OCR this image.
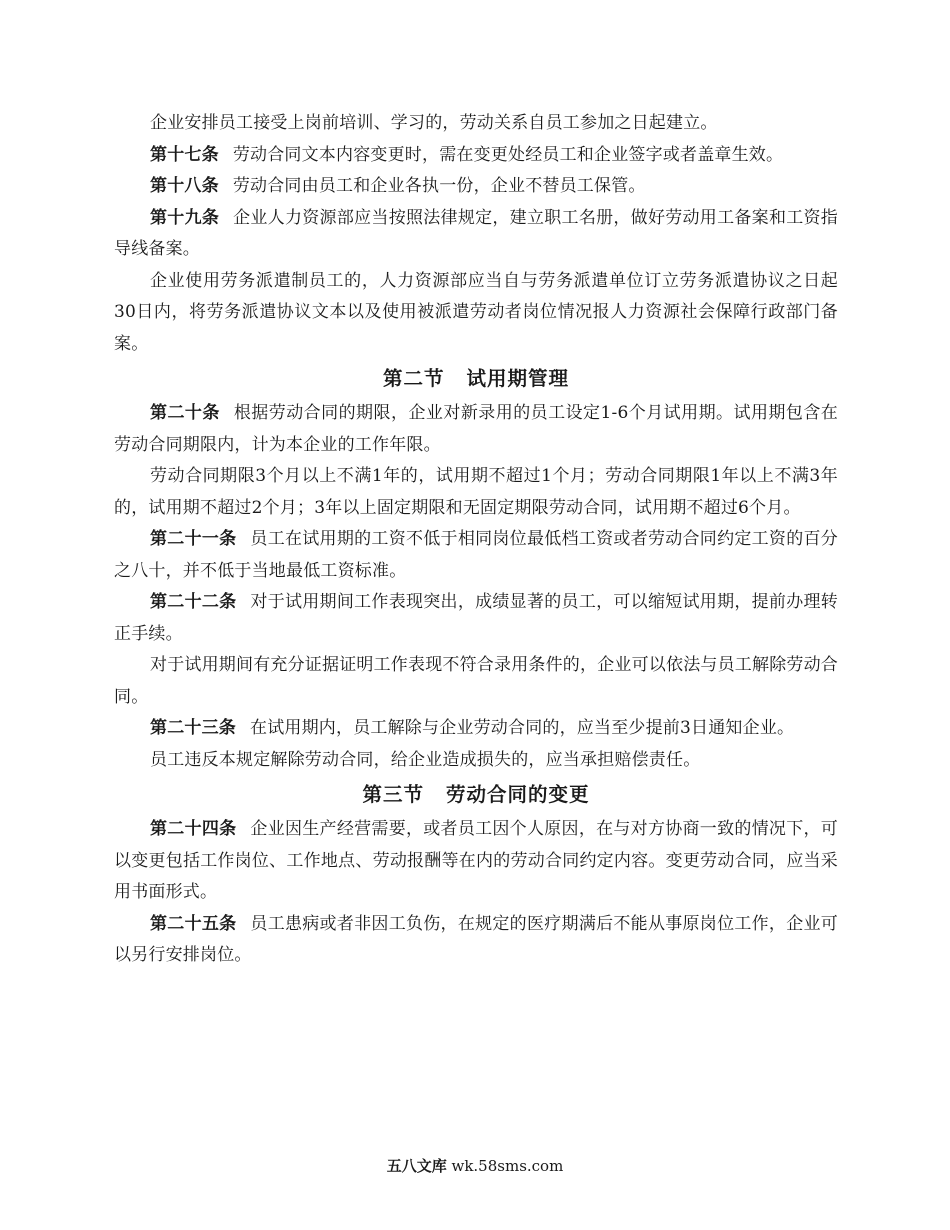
企业安排员工接受上岗前培训、学习的，劳动关系自员工参加之日起建立。

第十七条 劳动合同文本内容变更时，需在变更处经员工和企业签字或者盖章生效。

第十八条 劳动合同由员工和企业各执一份，企业不替员工保管。

第十九条 企业人力资源部应当按照法律规定，建立职工名册，做好劳动用工备案和工资指导线备案。

企业使用劳务派遣制员工的，人力资源部应当自与劳务派遣单位订立劳务派遣协议之日起30日内，将劳务派遣协议文本以及使用被派遣劳动者岗位情况报人力资源社会保障行政部门备案。

第二节 试用期管理

第二十条 根据劳动合同的期限，企业对新录用的员工设定1-6个月试用期。试用期包含在劳动合同期限内，计为本企业的工作年限。

劳动合同期限3个月以上不满1年的，试用期不超过1个月；劳动合同期限1年以上不满3年的，试用期不超过2个月；3年以上固定期限和无固定期限劳动合同，试用期不超过6个月。

第二十一条 员工在试用期的工资不低于相同岗位最低档工资或者劳动合同约定工资的百分之八十，并不低于当地最低工资标准。

第二十二条 对于试用期间工作表现突出，成绩显著的员工，可以缩短试用期，提前办理转正手续。

对于试用期间有充分证据证明工作表现不符合录用条件的，企业可以依法与员工解除劳动合同。

第二十三条 在试用期内，员工解除与企业劳动合同的，应当至少提前3日通知企业。

员工违反本规定解除劳动合同，给企业造成损失的，应当承担赔偿责任。

第三节 劳动合同的变更

第二十四条 企业因生产经营需要，或者员工因个人原因，在与对方协商一致的情况下，可以变更包括工作岗位、工作地点、劳动报酬等在内的劳动合同约定内容。变更劳动合同，应当采用书面形式。

第二十五条 员工患病或者非因工负伤，在规定的医疗期满后不能从事原岗位工作，企业可以另行安排岗位。

五八文库 wk.58sms.com
